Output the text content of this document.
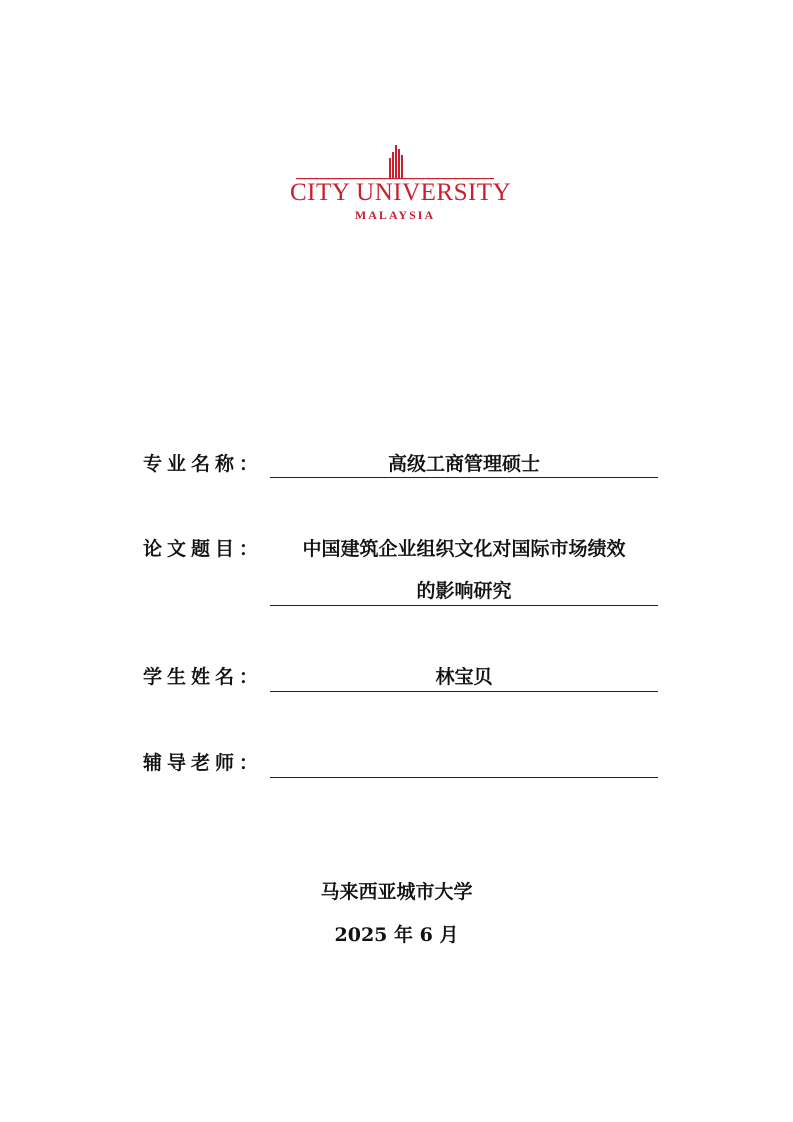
CITY UNIVERSITY
MALAYSIA
专业名称：	高级工商管理硕士
论文题目：	中国建筑企业组织文化对国际市场绩效
的影响研究
学生姓名：	林宝贝
辅导老师：
马来西亚城市大学
2025 年 6 月
